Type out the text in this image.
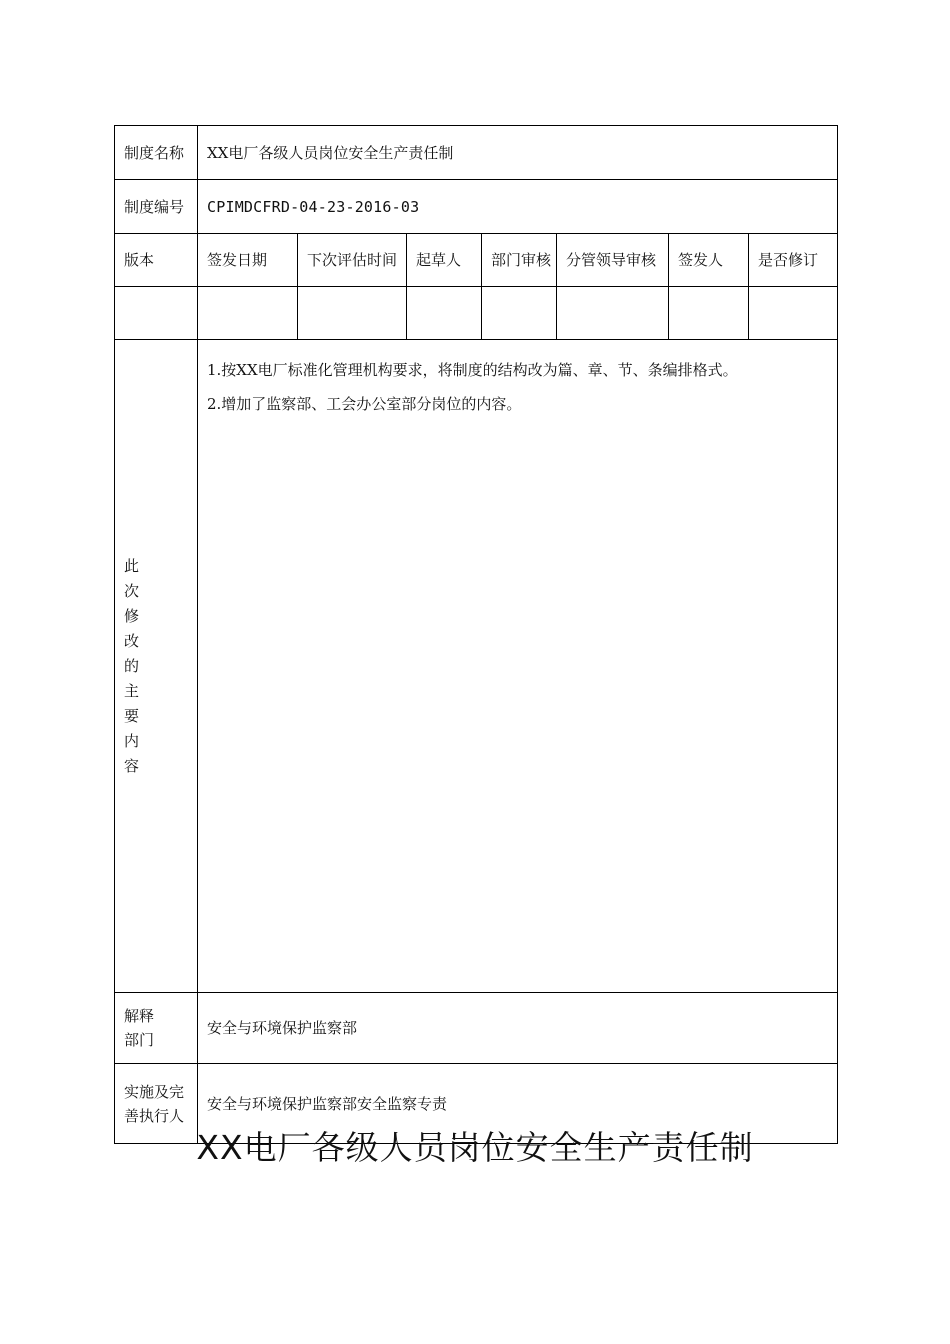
制度名称	XX电厂各级人员岗位安全生产责任制						
制度编号	CPIMDCFRD-04-23-2016-03						
版本	签发日期	下次评估时间	起草人	部门审核	分管领导审核	签发人	是否修订

此次修改的主要内容	1.按XX电厂标准化管理机构要求，将制度的结构改为篇、章、节、条编排格式。

2.增加了监察部、工会办公室部分岗位的内容。						

解释部门	安全与环境保护监察部						

实施及完善执行人	安全与环境保护监察部安全监察专责						
XX电厂各级人员岗位安全生产责任制
